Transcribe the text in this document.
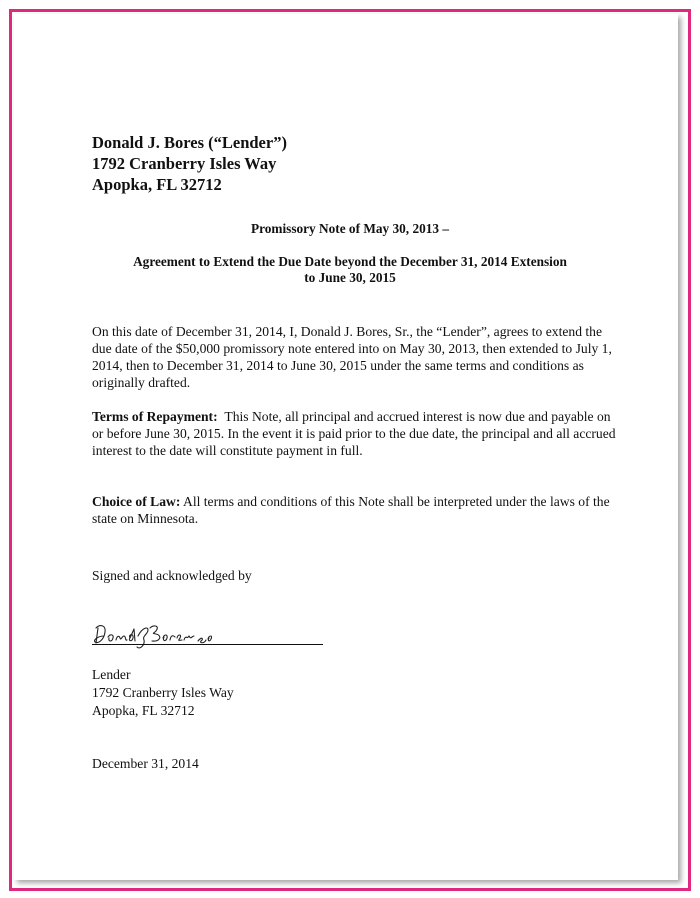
Donald J. Bores (“Lender”)
1792 Cranberry Isles Way
Apopka, FL 32712
Promissory Note of May 30, 2013 –
Agreement to Extend the Due Date beyond the December 31, 2014 Extension
to June 30, 2015
On this date of December 31, 2014, I, Donald J. Bores, Sr., the “Lender”, agrees to extend the due date of the $50,000 promissory note entered into on May 30, 2013, then extended to July 1, 2014, then to December 31, 2014 to June 30, 2015 under the same terms and conditions as originally drafted.
Terms of Repayment: This Note, all principal and accrued interest is now due and payable on or before June 30, 2015. In the event it is paid prior to the due date, the principal and all accrued interest to the date will constitute payment in full.
Choice of Law: All terms and conditions of this Note shall be interpreted under the laws of the state on Minnesota.
Signed and acknowledged by
Lender
1792 Cranberry Isles Way
Apopka, FL 32712
December 31, 2014
